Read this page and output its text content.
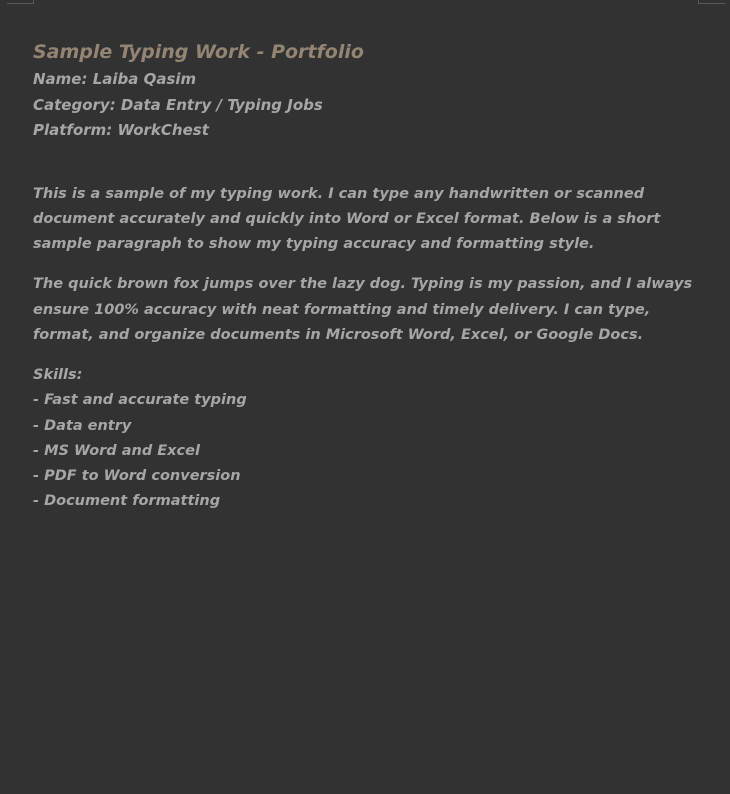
Sample Typing Work - Portfolio

Name: Laiba Qasim

Category: Data Entry / Typing Jobs

Platform: WorkChest

This is a sample of my typing work. I can type any handwritten or scanned document accurately and quickly into Word or Excel format. Below is a short sample paragraph to show my typing accuracy and formatting style.

The quick brown fox jumps over the lazy dog. Typing is my passion, and I always ensure 100% accuracy with neat formatting and timely delivery. I can type, format, and organize documents in Microsoft Word, Excel, or Google Docs.

Skills:
- Fast and accurate typing
- Data entry
- MS Word and Excel
- PDF to Word conversion
- Document formatting
